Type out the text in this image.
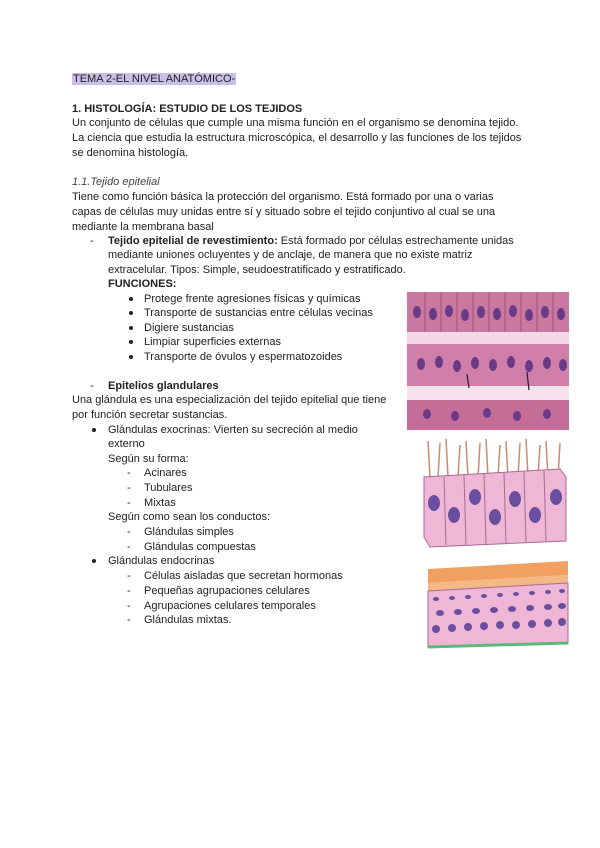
TEMA 2-EL NIVEL ANATÓMICO-
1. HISTOLOGÍA: ESTUDIO DE LOS TEJIDOS
Un conjunto de células que cumple una misma función en el organismo se denomina tejido.
La ciencia que estudia la estructura microscópica, el desarrollo y las funciones de los tejidos
se denomina histología.
1.1.Tejido epitelial
Tiene como función básica la protección del organismo. Está formado por una o varias
capas de células muy unidas entre sí y situado sobre el tejido conjuntivo al cual se una
mediante la membrana basal
- Tejido epitelial de revestimiento: Está formado por células estrechamente unidas
mediante uniones ocluyentes y de anclaje, de manera que no existe matriz
extracelular. Tipos: Simple, seudoestratificado y estratificado.
FUNCIONES:
Protege frente agresiones físicas y químicas
Transporte de sustancias entre células vecinas
Digiere sustancias
Limpiar superficies externas
Transporte de óvulos y espermatozoides
- Epitelios glandulares
Una glándula es una especialización del tejido epitelial que tiene
por función secretar sustancias.
Glándulas exocrinas: Vierten su secreción al medio
externo
Según su forma:
- Acinares
- Tubulares
- Mixtas
Según como sean los conductos:
- Glándulas simples
- Glándulas compuestas
Glándulas endocrinas
- Células aisladas que secretan hormonas
- Pequeñas agrupaciones celulares
- Agrupaciones celulares temporales
- Glándulas mixtas.
